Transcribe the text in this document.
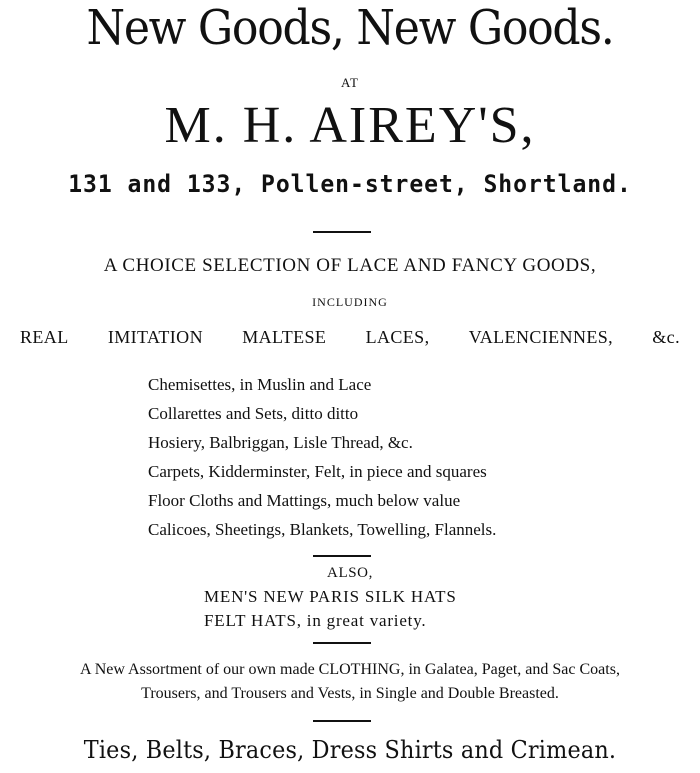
New Goods, New Goods.
AT
M. H. AIREY'S,
131 and 133, Pollen-street, Shortland.
A CHOICE SELECTION OF LACE AND FANCY GOODS,
INCLUDING
REAL IMITATION MALTESE LACES, VALENCIENNES, &c.
Chemisettes, in Muslin and Lace
Collarettes and Sets, ditto ditto
Hosiery, Balbriggan, Lisle Thread, &c.
Carpets, Kidderminster, Felt, in piece and squares
Floor Cloths and Mattings, much below value
Calicoes, Sheetings, Blankets, Towelling, Flannels.
ALSO,
MEN'S NEW PARIS SILK HATS
FELT HATS, in great variety.
A New Assortment of our own made CLOTHING, in Galatea, Paget, and Sac Coats,
Trousers, and Trousers and Vests, in Single and Double Breasted.
Ties, Belts, Braces, Dress Shirts and Crimean.
